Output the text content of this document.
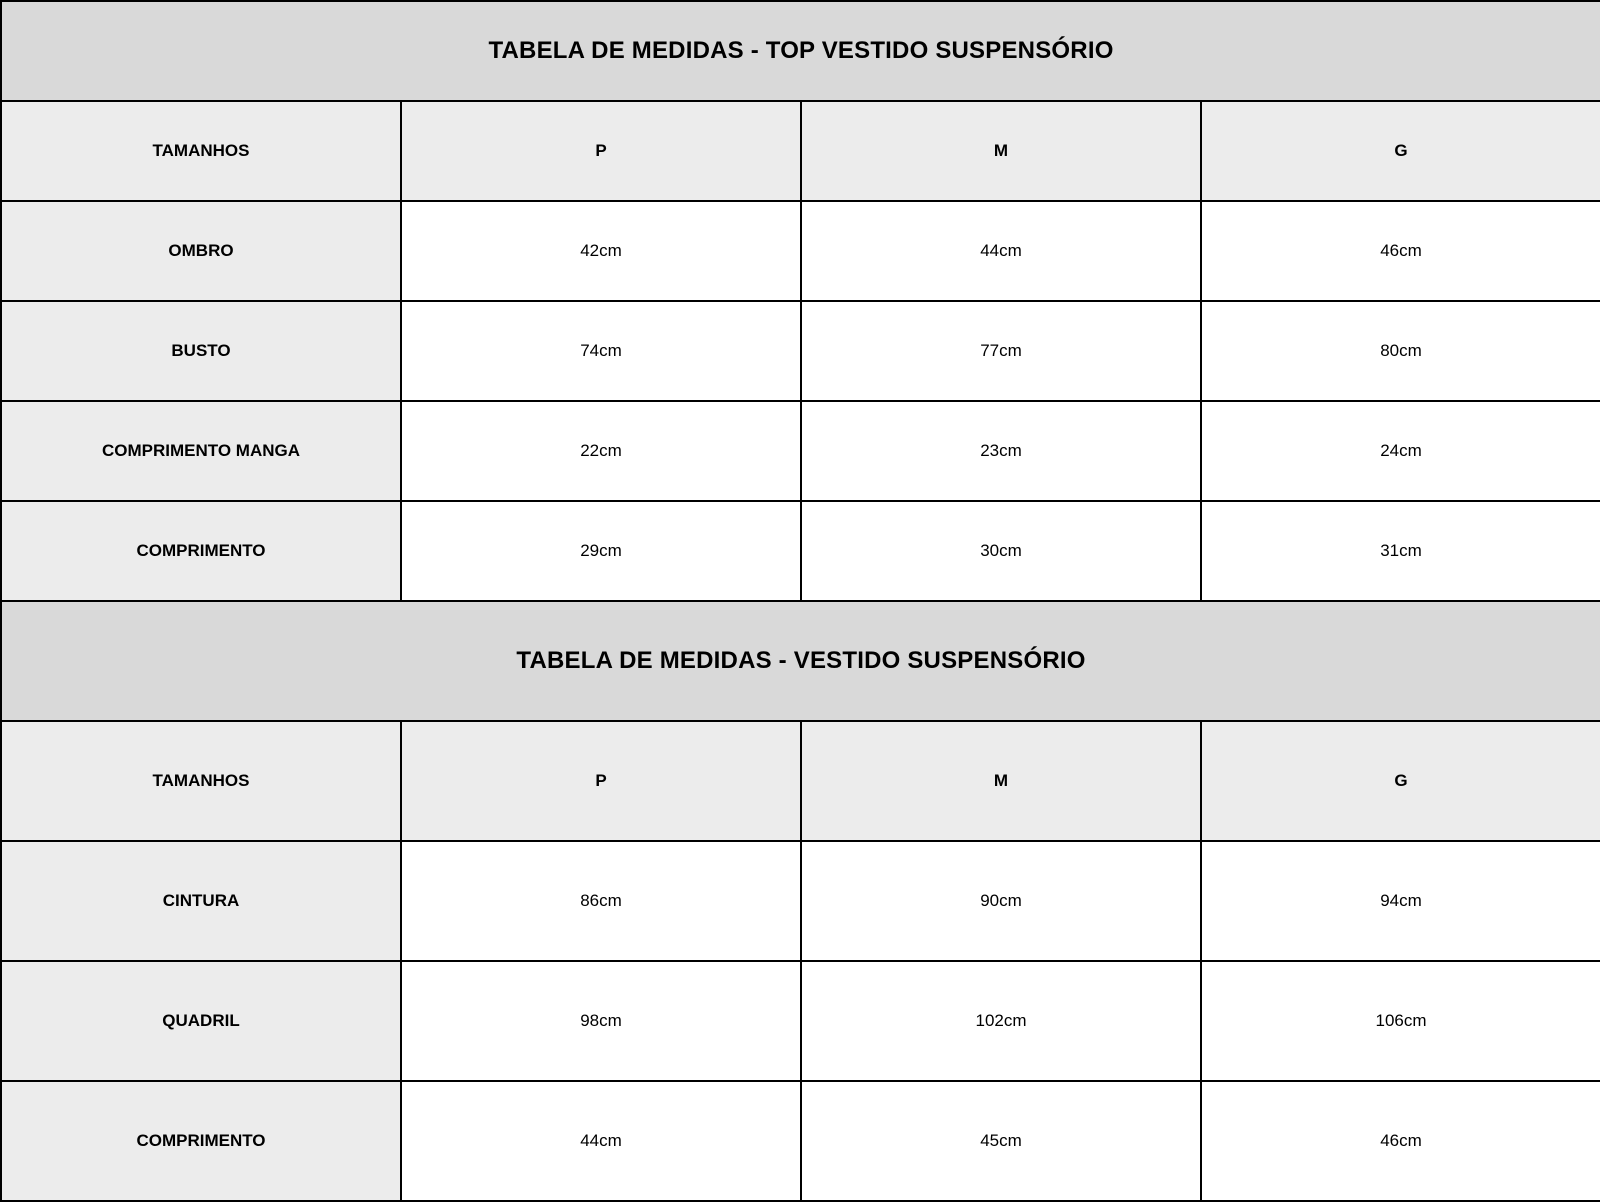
TABELA DE MEDIDAS - TOP VESTIDO SUSPENSÓRIO			
TAMANHOS	P	M	G
OMBRO	42cm	44cm	46cm
BUSTO	74cm	77cm	80cm
COMPRIMENTO MANGA	22cm	23cm	24cm
COMPRIMENTO	29cm	30cm	31cm
TABELA DE MEDIDAS - VESTIDO SUSPENSÓRIO			
TAMANHOS	P	M	G
CINTURA	86cm	90cm	94cm
QUADRIL	98cm	102cm	106cm
COMPRIMENTO	44cm	45cm	46cm
